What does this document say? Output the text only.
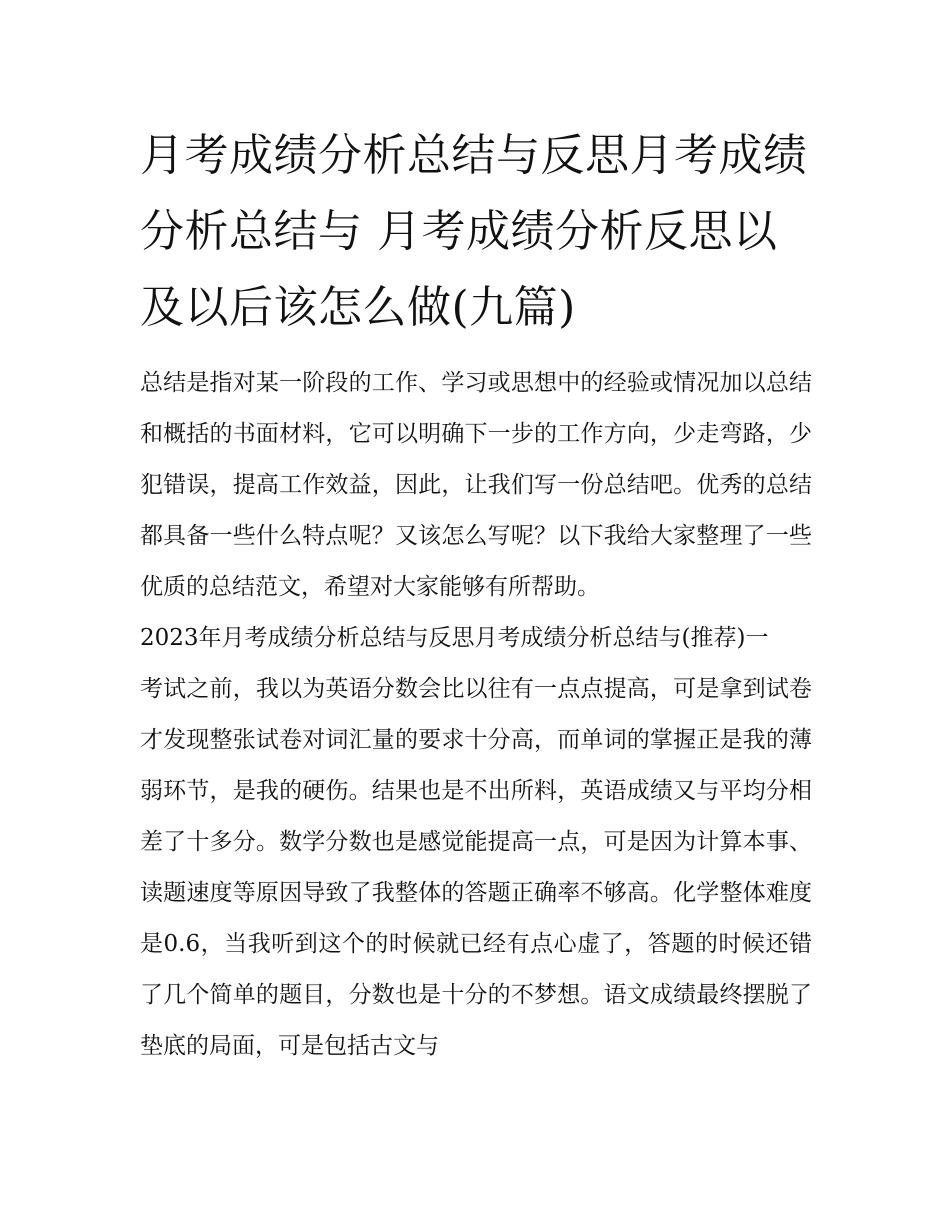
月考成绩分析总结与反思月考成绩分析总结与 月考成绩分析反思以及以后该怎么做(九篇)

总结是指对某一阶段的工作、学习或思想中的经验或情况加以总结和概括的书面材料，它可以明确下一步的工作方向，少走弯路，少犯错误，提高工作效益，因此，让我们写一份总结吧。优秀的总结都具备一些什么特点呢？又该怎么写呢？以下我给大家整理了一些优质的总结范文，希望对大家能够有所帮助。

2023年月考成绩分析总结与反思月考成绩分析总结与(推荐)一

考试之前，我以为英语分数会比以往有一点点提高，可是拿到试卷才发现整张试卷对词汇量的要求十分高，而单词的掌握正是我的薄弱环节，是我的硬伤。结果也是不出所料，英语成绩又与平均分相差了十多分。数学分数也是感觉能提高一点，可是因为计算本事、读题速度等原因导致了我整体的答题正确率不够高。化学整体难度是0.6，当我听到这个的时候就已经有点心虚了，答题的时候还错了几个简单的题目，分数也是十分的不梦想。语文成绩最终摆脱了垫底的局面，可是包括古文与
